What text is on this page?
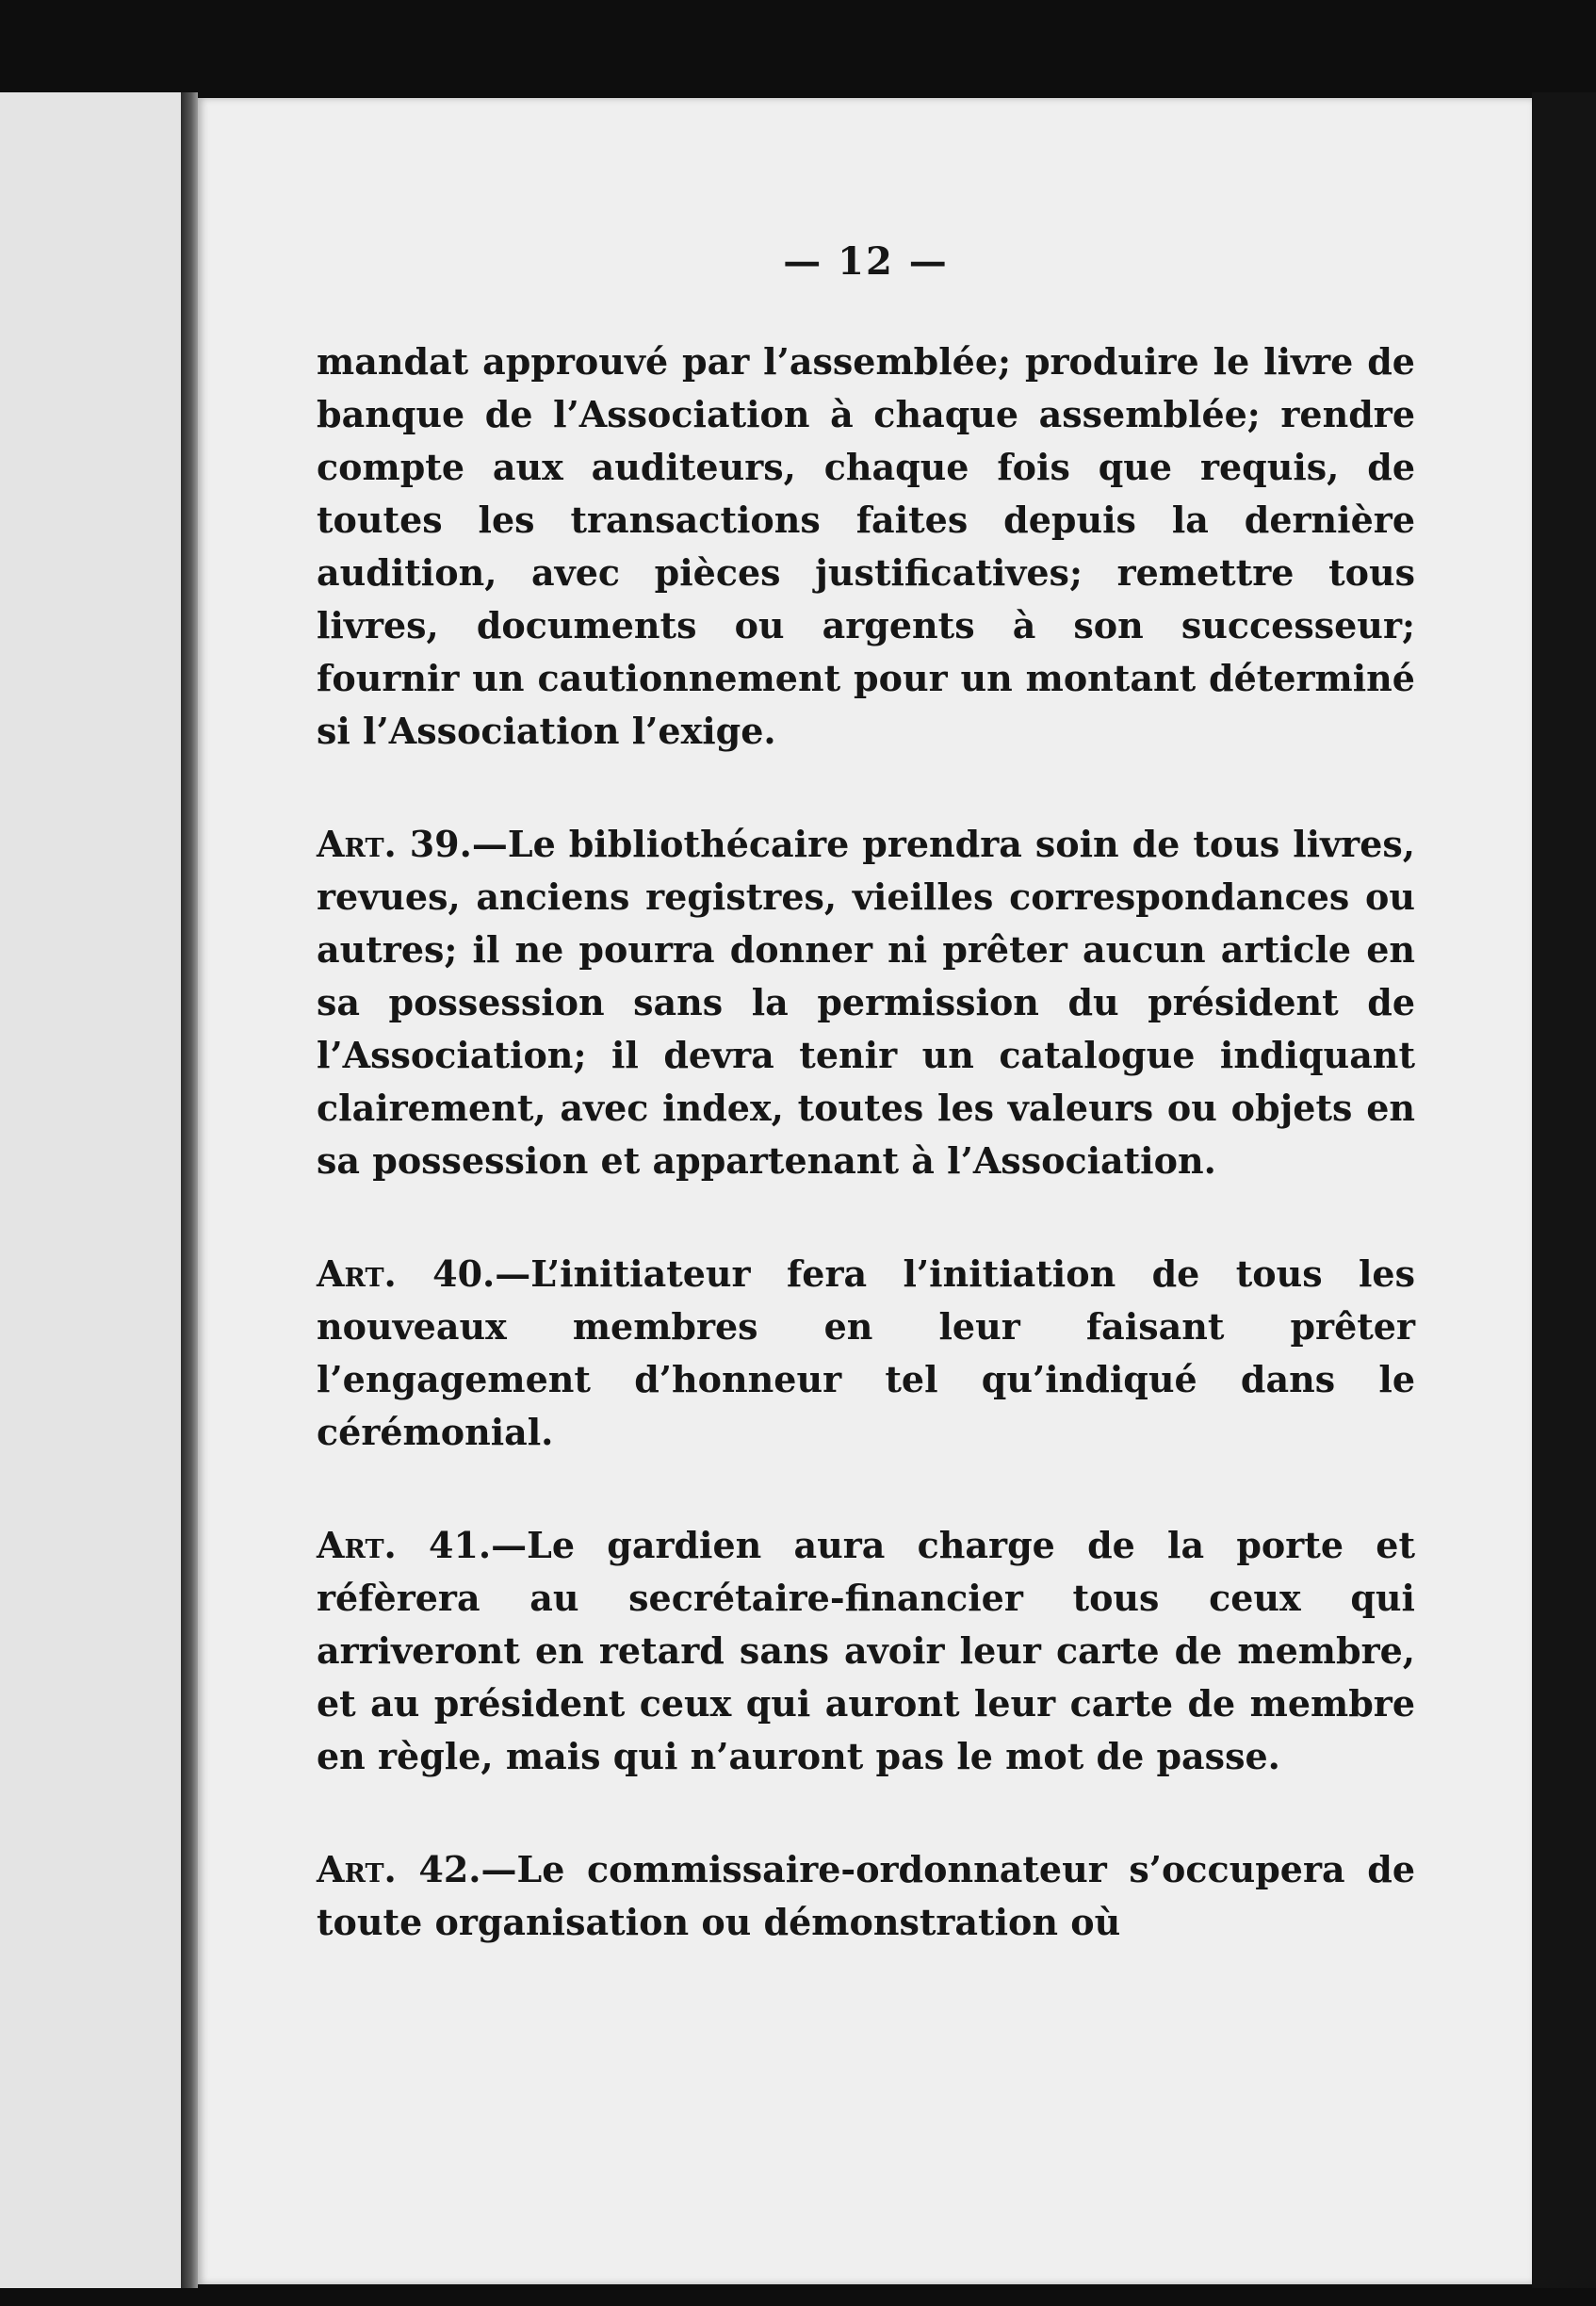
— 12 —

mandat approuvé par l’assemblée; produire le livre de banque de l’Association à chaque assemblée; rendre compte aux auditeurs, chaque fois que requis, de toutes les transactions faites depuis la dernière audition, avec pièces justificatives; remettre tous livres, documents ou argents à son successeur; fournir un cautionnement pour un montant déterminé si l’Association l’exige.

Art. 39.—Le bibliothécaire prendra soin de tous livres, revues, anciens registres, vieilles correspondances ou autres; il ne pourra donner ni prêter aucun article en sa possession sans la permission du président de l’Association; il devra tenir un catalogue indiquant clairement, avec index, toutes les valeurs ou objets en sa possession et appartenant à l’Association.

Art. 40.—L’initiateur fera l’initiation de tous les nouveaux membres en leur faisant prêter l’engagement d’honneur tel qu’indiqué dans le cérémonial.

Art. 41.—Le gardien aura charge de la porte et réfèrera au secrétaire-financier tous ceux qui arriveront en retard sans avoir leur carte de membre, et au président ceux qui auront leur carte de membre en règle, mais qui n’auront pas le mot de passe.

Art. 42.—Le commissaire-ordonnateur s’occupera de toute organisation ou démonstration où
